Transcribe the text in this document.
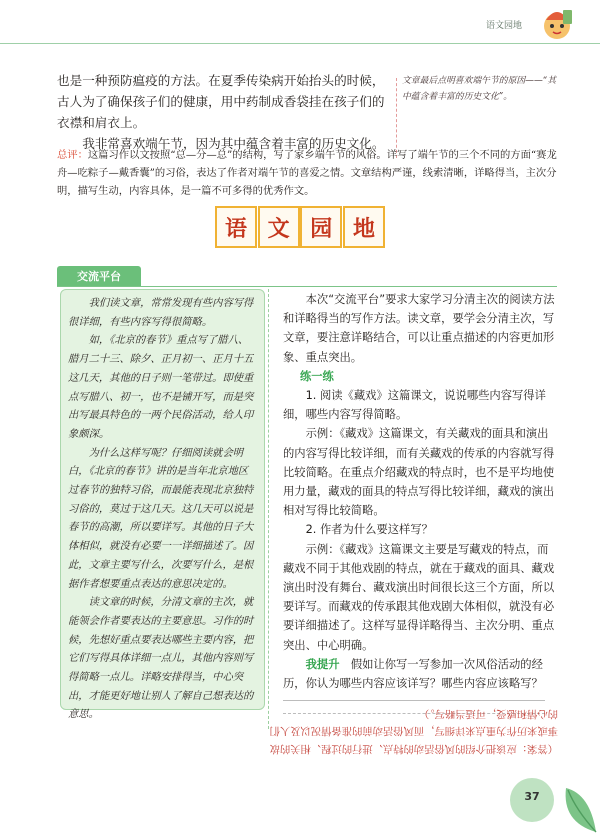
语文园地

也是一种预防瘟疫的方法。在夏季传染病开始抬头的时候，古人为了确保孩子们的健康，用中药制成香袋挂在孩子们的衣襟和肩衣上。

我非常喜欢端午节，因为其中蕴含着丰富的历史文化。

文章最后点明喜欢端午节的原因——“其中蕴含着丰富的历史文化”。
总评：这篇习作以文按照“总—分—总”的结构，写了家乡端午节的风俗。详写了端午节的三个不同的方面“赛龙舟—吃粽子—戴香囊”的习俗，表达了作者对端午节的喜爱之情。文章结构严谨，线索清晰，详略得当，主次分明，描写生动，内容具体，是一篇不可多得的优秀作文。
语 文 园 地
交流平台

我们读文章，常常发现有些内容写得很详细，有些内容写得很简略。

如，《北京的春节》重点写了腊八、腊月二十三、除夕、正月初一、正月十五这几天，其他的日子则一笔带过。即使重点写腊八、初一，也不是铺开写，而是突出写最具特色的一两个民俗活动，给人印象颇深。

为什么这样写呢？仔细阅读就会明白，《北京的春节》讲的是当年北京地区过春节的独特习俗，而最能表现北京独特习俗的，莫过于这几天。这几天可以说是春节的高潮，所以要详写。其他的日子大体相似，就没有必要一一详细描述了。因此，文章主要写什么，次要写什么，是根据作者想要重点表达的意思决定的。

读文章的时候，分清文章的主次，就能领会作者要表达的主要意思。习作的时候，先想好重点要表达哪些主要内容，把它们写得具体详细一点儿，其他内容则写得简略一点儿。详略安排得当，中心突出，才能更好地让别人了解自己想表达的意思。

本次“交流平台”要求大家学习分清主次的阅读方法和详略得当的写作方法。读文章，要学会分清主次，写文章，要注意详略结合，可以让重点描述的内容更加形象、重点突出。

练一练

1. 阅读《藏戏》这篇课文，说说哪些内容写得详细，哪些内容写得简略。

示例：《藏戏》这篇课文，有关藏戏的面具和演出的内容写得比较详细，而有关藏戏的传承的内容就写得比较简略。在重点介绍藏戏的特点时，也不是平均地使用力量，藏戏的面具的特点写得比较详细，藏戏的演出相对写得比较简略。

2. 作者为什么要这样写？

示例：《藏戏》这篇课文主要是写藏戏的特点，而藏戏不同于其他戏剧的特点，就在于藏戏的面具、藏戏演出时没有舞台、藏戏演出时间很长这三个方面，所以要详写。而藏戏的传承跟其他戏剧大体相似，就没有必要详细描述了。这样写显得详略得当、主次分明、重点突出、中心明确。

我提升　 假如让你写一写参加一次风俗活动的经历，你认为哪些内容应该详写？哪些内容应该略写？

（答案：应该把介绍的风俗活动的特点、进行的过程、相关的故事或来历作为重点来详细写，而风俗活动前的准备情况以及人们的心情和感受，可适当略写。）

37
